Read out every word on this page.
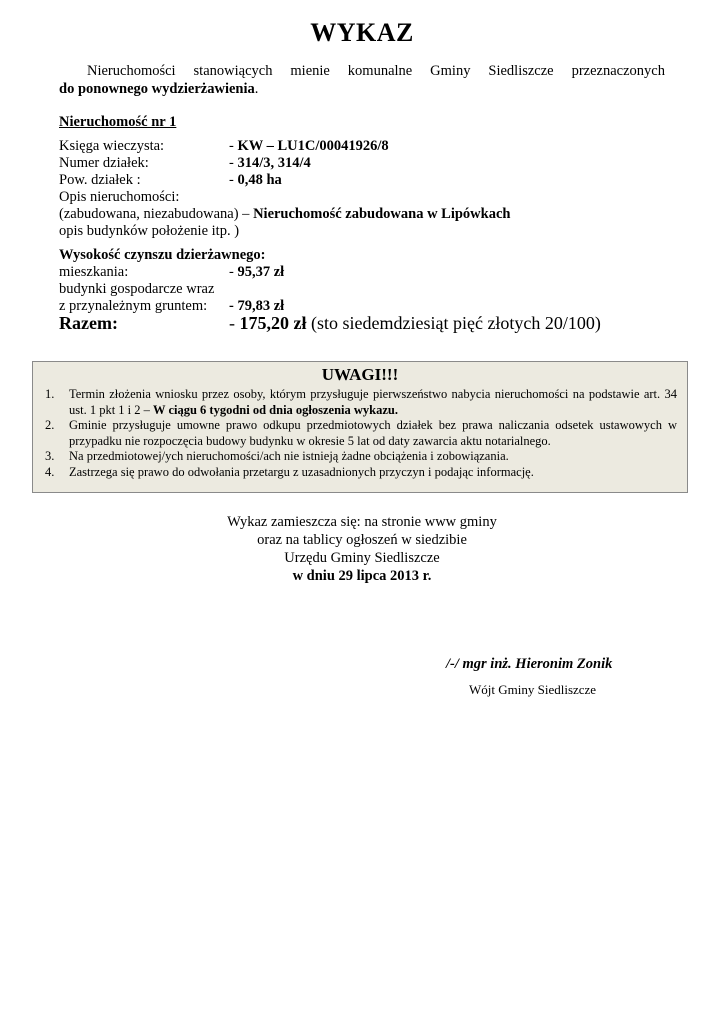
WYKAZ
Nieruchomości stanowiących mienie komunalne Gminy Siedliszcze przeznaczonych
do ponownego wydzierżawienia.
Nieruchomość nr 1
Księga wieczysta:	- KW – LU1C/00041926/8
Numer działek:	- 314/3, 314/4
Pow. działek :	- 0,48 ha
Opis nieruchomości:
(zabudowana, niezabudowana) – Nieruchomość zabudowana w Lipówkach
opis budynków położenie itp. )
Wysokość czynszu dzierżawnego:
mieszkania:	- 95,37 zł
budynki gospodarcze wraz
z przynależnym gruntem: - 79,83 zł
Razem:	- 175,20 zł (sto siedemdziesiąt pięć złotych 20/100)
UWAGI!!!
1. Termin złożenia wniosku przez osoby, którym przysługuje pierwszeństwo nabycia nieruchomości na podstawie art. 34 ust. 1 pkt 1 i 2 – W ciągu 6 tygodni od dnia ogłoszenia wykazu.
2. Gminie przysługuje umowne prawo odkupu przedmiotowych działek bez prawa naliczania odsetek ustawowych w przypadku nie rozpoczęcia budowy budynku w okresie 5 lat od daty zawarcia aktu notarialnego.
3. Na przedmiotowej/ych nieruchomości/ach nie istnieją żadne obciążenia i zobowiązania.
4. Zastrzega się prawo do odwołania przetargu z uzasadnionych przyczyn i podając informację.
Wykaz zamieszcza się: na stronie www gminy
oraz na tablicy ogłoszeń w siedzibie
Urzędu Gminy Siedliszcze
w dniu 29 lipca 2013 r.
/-/ mgr inż. Hieronim Zonik
Wójt Gminy Siedliszcze
